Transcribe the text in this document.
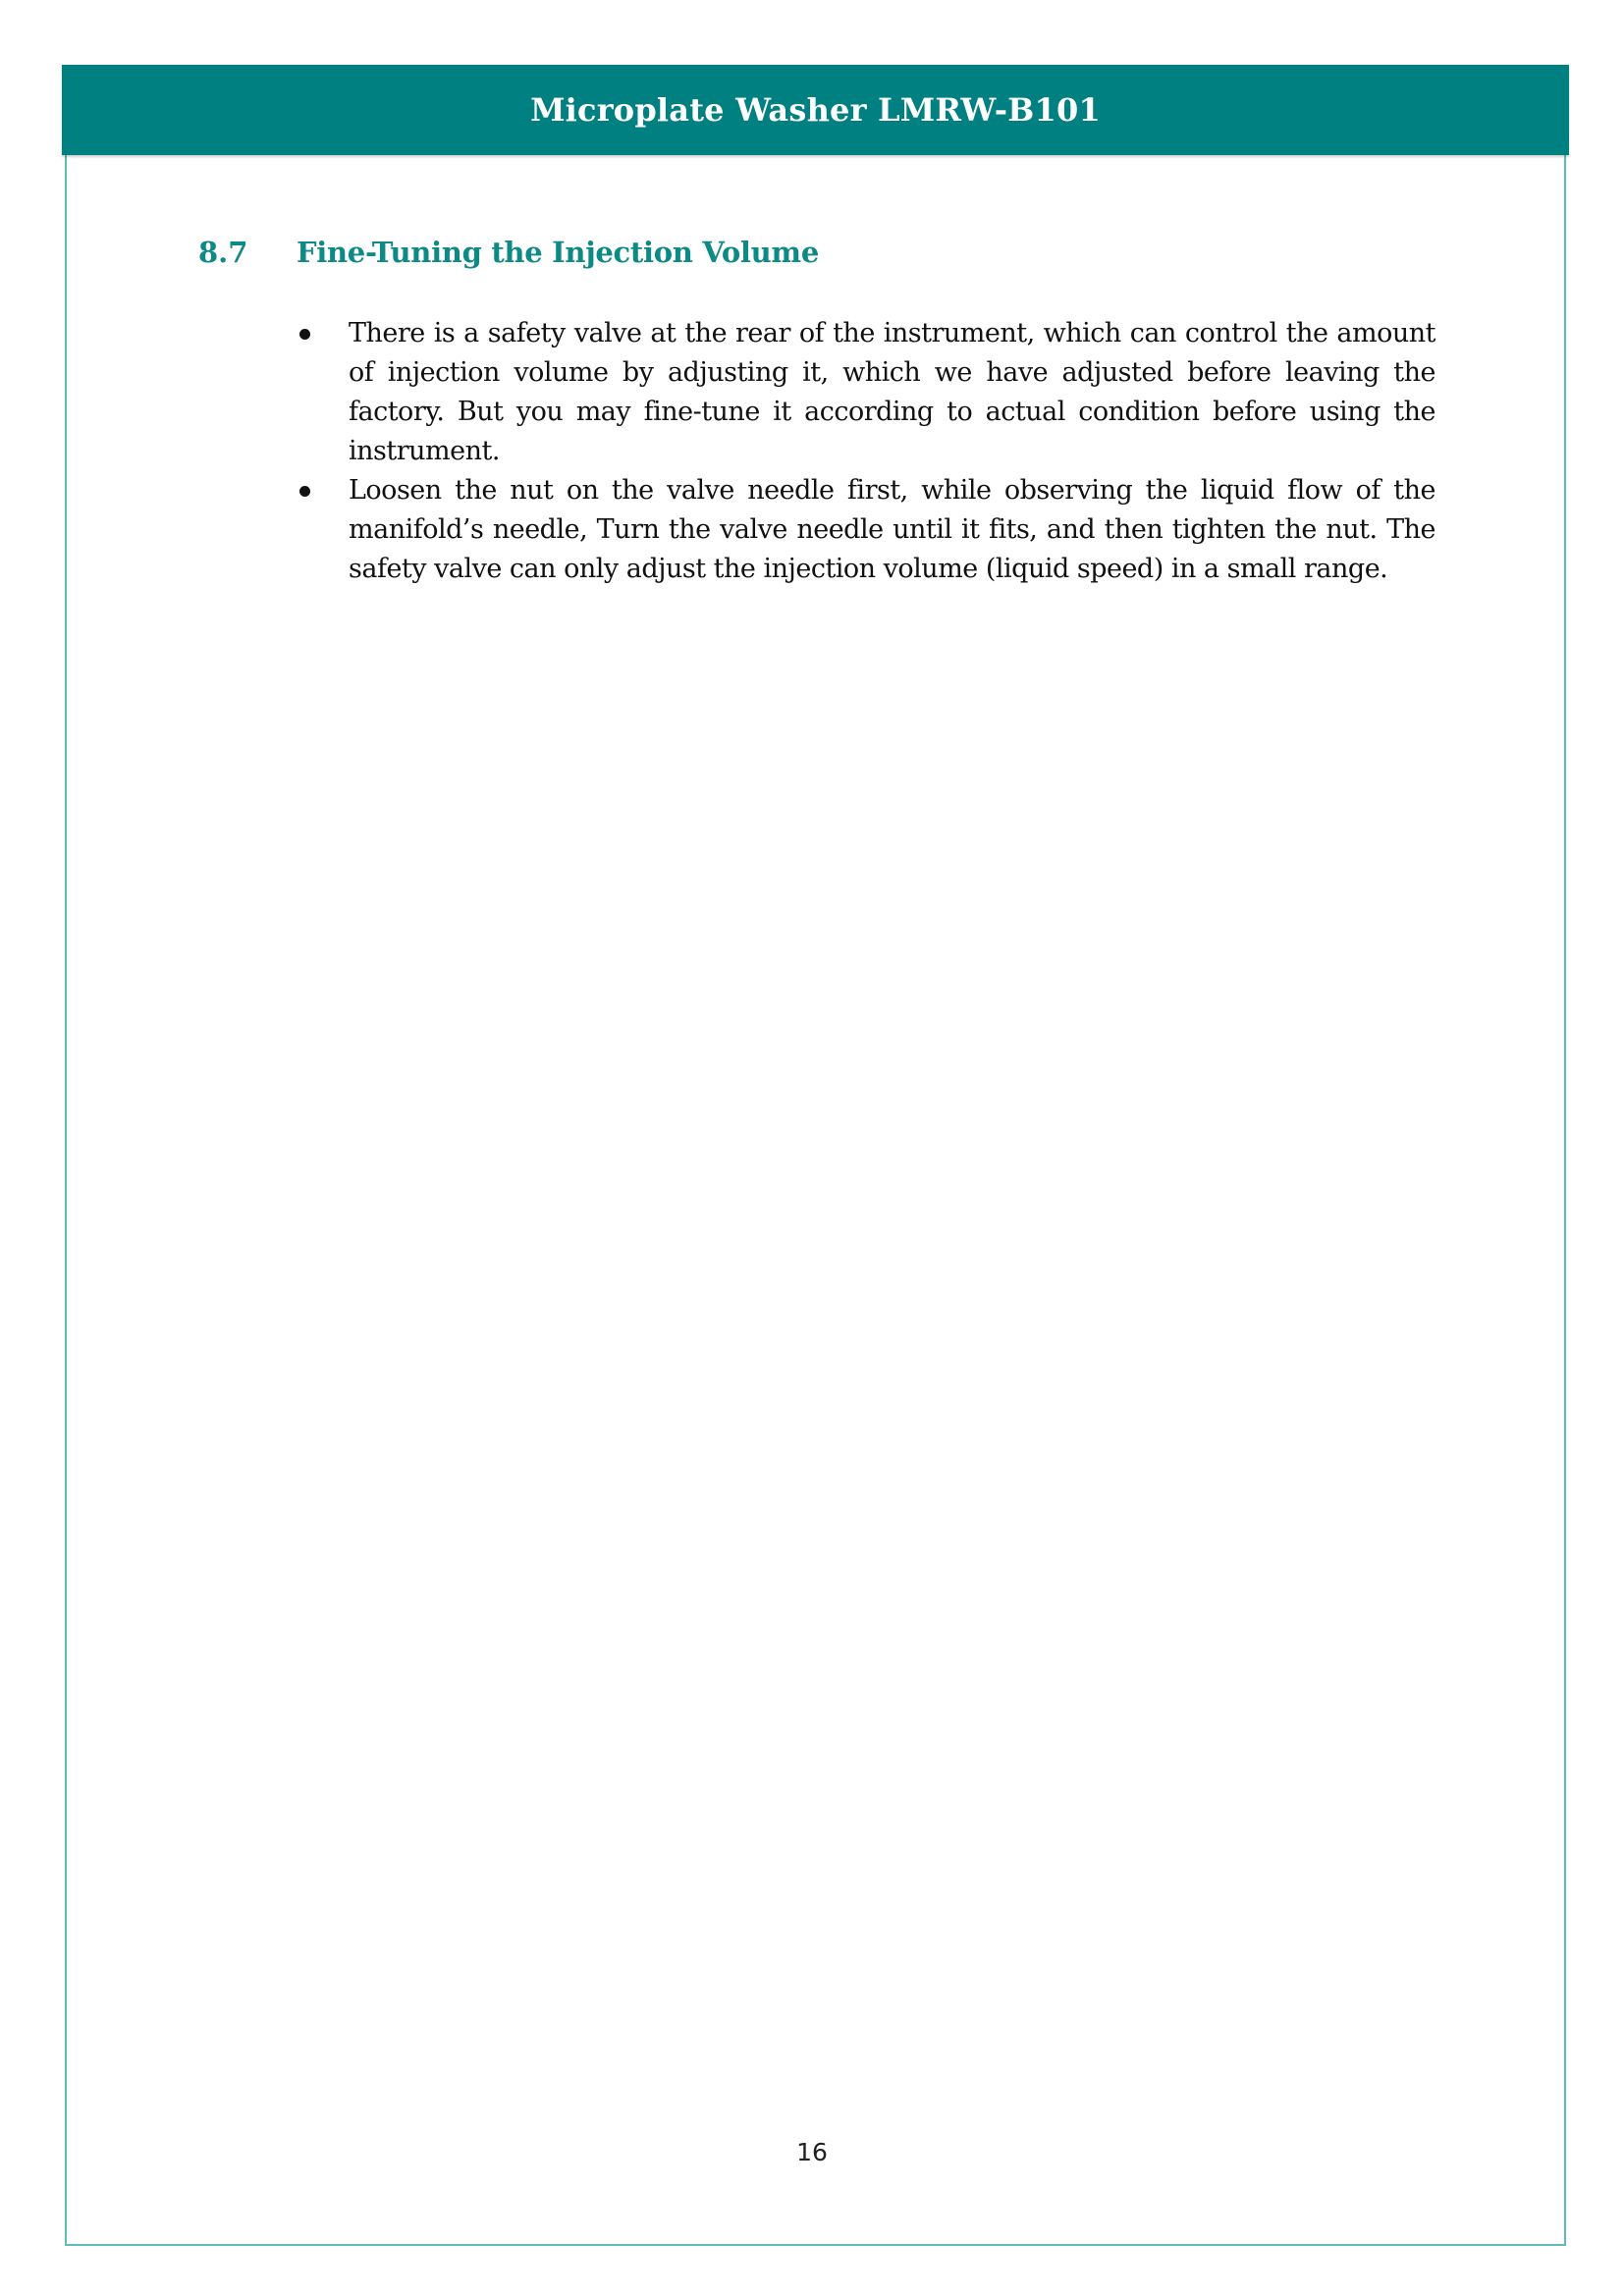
Microplate Washer LMRW-B101
8.7	Fine-Tuning the Injection Volume
There is a safety valve at the rear of the instrument, which can control the amount of injection volume by adjusting it, which we have adjusted before leaving the factory. But you may fine-tune it according to actual condition before using the instrument.
Loosen the nut on the valve needle first, while observing the liquid flow of the manifold’s needle, Turn the valve needle until it fits, and then tighten the nut. The safety valve can only adjust the injection volume (liquid speed) in a small range.
16
